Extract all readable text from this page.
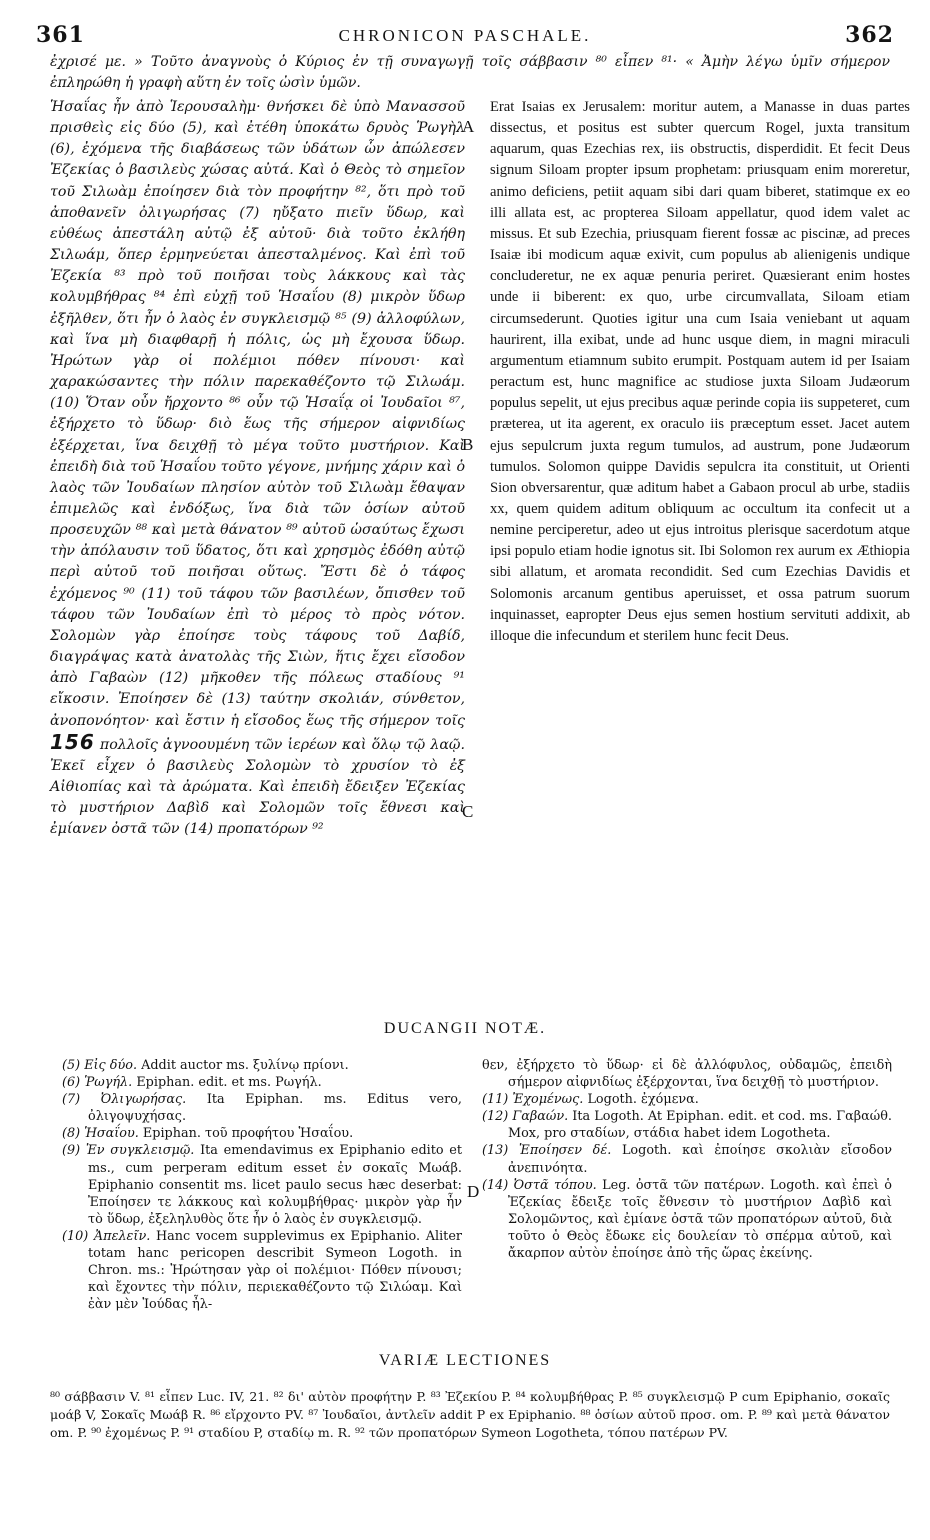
361	CHRONICON PASCHALE.	362
ἐχρισέ με. » Τοῦτο ἀναγνοὺς ὁ Κύριος ἐν τῇ συναγωγῇ τοῖς σάββασιν ⁸⁰ εἶπεν ⁸¹· « Ἀμὴν λέγω ὑμῖν σήμερον ἐπληρώθη ἡ γραφὴ αὕτη ἐν τοῖς ὠσὶν ὑμῶν.
Ἡσαΐας ἦν ἀπὸ Ἱερουσαλὴμ· θνήσκει δὲ ὑπὸ Μανασσοῦ πρισθεὶς εἰς δύο (5), καὶ ἐτέθη ὑποκάτω δρυὸς Ῥωγὴλ (6), ἐχόμενα τῆς διαβάσεως τῶν ὑδάτων ὧν ἀπώλεσεν Ἐζεκίας ὁ βασιλεὺς χώσας αὐτά. Καὶ ὁ Θεὸς τὸ σημεῖον τοῦ Σιλωὰμ ἐποίησεν διὰ τὸν προφήτην ⁸², ὅτι πρὸ τοῦ ἀποθανεῖν ὀλιγωρήσας (7) ηὔξατο πιεῖν ὕδωρ, καὶ εὐθέως ἀπεστάλη αὐτῷ ἐξ αὐτοῦ· διὰ τοῦτο ἐκλήθη Σιλωάμ, ὅπερ ἑρμηνεύεται ἀπεσταλμένος. Καὶ ἐπὶ τοῦ Ἐζεκία ⁸³ πρὸ τοῦ ποιῆσαι τοὺς λάκκους καὶ τὰς κολυμβήθρας ⁸⁴ ἐπὶ εὐχῇ τοῦ Ἡσαΐου (8) μικρὸν ὕδωρ ἐξῆλθεν, ὅτι ἦν ὁ λαὸς ἐν συγκλεισμῷ ⁸⁵ (9) ἀλλοφύλων, καὶ ἵνα μὴ διαφθαρῇ ἡ πόλις, ὡς μὴ ἔχουσα ὕδωρ. Ἠρώτων γὰρ οἱ πολέμιοι πόθεν πίνουσι· καὶ χαρακώσαντες τὴν πόλιν παρεκαθέζοντο τῷ Σιλωάμ. (10) Ὅταν οὖν ἤρχοντο ⁸⁶ οὖν τῷ Ἡσαΐᾳ οἱ Ἰουδαῖοι ⁸⁷, ἐξήρχετο τὸ ὕδωρ· διὸ ἕως τῆς σήμερον αἰφνιδίως ἐξέρχεται, ἵνα δειχθῇ τὸ μέγα τοῦτο μυστήριον. Καὶ ἐπειδὴ διὰ τοῦ Ἡσαΐου τοῦτο γέγονε, μνήμης χάριν καὶ ὁ λαὸς τῶν Ἰουδαίων πλησίον αὐτὸν τοῦ Σιλωὰμ ἔθαψαν ἐπιμελῶς καὶ ἐνδόξως, ἵνα διὰ τῶν ὁσίων αὐτοῦ προσευχῶν ⁸⁸ καὶ μετὰ θάνατον ⁸⁹ αὐτοῦ ὡσαύτως ἔχωσι τὴν ἀπόλαυσιν τοῦ ὕδατος, ὅτι καὶ χρησμὸς ἐδόθη αὐτῷ περὶ αὐτοῦ τοῦ ποιῆσαι οὕτως. Ἔστι δὲ ὁ τάφος ἐχόμενος ⁹⁰ (11) τοῦ τάφου τῶν βασιλέων, ὄπισθεν τοῦ τάφου τῶν Ἰουδαίων ἐπὶ τὸ μέρος τὸ πρὸς νότον. Σολομὼν γὰρ ἐποίησε τοὺς τάφους τοῦ Δαβίδ, διαγράψας κατὰ ἀνατολὰς τῆς Σιὼν, ἥτις ἔχει εἴσοδον ἀπὸ Γαβαὼν (12) μῆκοθεν τῆς πόλεως σταδίους ⁹¹ εἴκοσιν. Ἐποίησεν δὲ (13) ταύτην σκολιάν, σύνθετον, ἀνοπονόητον· καὶ ἔστιν ἡ εἴσοδος ἕως τῆς σήμερον τοῖς 156 πολλοῖς ἀγνοουμένη τῶν ἱερέων καὶ ὅλῳ τῷ λαῷ. Ἐκεῖ εἶχεν ὁ βασιλεὺς Σολομὼν τὸ χρυσίον τὸ ἐξ Αἰθιοπίας καὶ τὰ ἀρώματα. Καὶ ἐπειδὴ ἔδειξεν Ἐζεκίας τὸ μυστήριον Δαβὶδ καὶ Σολομῶν τοῖς ἔθνεσι καὶ ἐμίανεν ὀστᾶ τῶν (14) προπατόρων ⁹²
Erat Isaias ex Jerusalem: moritur autem, a Manasse in duas partes dissectus, et positus est subter quercum Rogel, juxta transitum aquarum, quas Ezechias rex, iis obstructis, disperdidit. Et fecit Deus signum Siloam propter ipsum prophetam: priusquam enim moreretur, animo deficiens, petiit aquam sibi dari quam biberet, statimque ex eo illi allata est, ac propterea Siloam appellatur, quod idem valet ac missus. Et sub Ezechia, priusquam fierent fossæ ac piscinæ, ad preces Isaiæ ibi modicum aquæ exivit, cum populus ab alienigenis undique concluderetur, ne ex aquæ penuria periret. Quæsierant enim hostes unde ii biberent: ex quo, urbe circumvallata, Siloam etiam circumsederunt. Quoties igitur una cum Isaia veniebant ut aquam haurirent, illa exibat, unde ad hunc usque diem, in magni miraculi argumentum etiamnum subito erumpit. Postquam autem id per Isaiam peractum est, hunc magnifice ac studiose juxta Siloam Judæorum populus sepelit, ut ejus precibus aquæ perinde copia iis suppeteret, cum præterea, ut ita agerent, ex oraculo iis præceptum esset. Jacet autem ejus sepulcrum juxta regum tumulos, ad austrum, pone Judæorum tumulos. Solomon quippe Davidis sepulcra ita constituit, ut Orienti Sion obversarentur, quæ aditum habet a Gabaon procul ab urbe, stadiis xx, quem quidem aditum obliquum ac occultum ita confecit ut a nemine perciperetur, adeo ut ejus introitus plerisque sacerdotum atque ipsi populo etiam hodie ignotus sit. Ibi Solomon rex aurum ex Æthiopia sibi allatum, et aromata recondidit. Sed cum Ezechias Davidis et Solomonis arcanum gentibus aperuisset, et ossa patrum suorum inquinasset, eapropter Deus ejus semen hostium servituti addixit, ab illoque die infecundum et sterilem hunc fecit Deus.
A
B
C
DUCANGII NOTÆ.

(5) Εἰς δύο. Addit auctor ms. ξυλίνῳ πρίονι.

(6) Ῥωγήλ. Epiphan. edit. et ms. Ρωγήλ.

(7) Ὀλιγωρήσας. Ita Epiphan. ms. Editus vero, ὀλιγοψυχήσας.

(8) Ἡσαΐου. Epiphan. τοῦ προφήτου Ἡσαΐου.

(9) Ἐν συγκλεισμῷ. Ita emendavimus ex Epiphanio edito et ms., cum perperam editum esset ἐν σοκαῖς Μωάβ. Epiphanio consentit ms. licet paulo secus hæc deserbat: Ἐποίησεν τε λάκκους καὶ κολυμβήθρας· μικρὸν γὰρ ἦν τὸ ὕδωρ, ἐξεληλυθὸς ὅτε ἦν ὁ λαὸς ἐν συγκλεισμῷ.

(10) Ἀπελεῖν. Hanc vocem supplevimus ex Epiphanio. Aliter totam hanc pericopen describit Symeon Logoth. in Chron. ms.: Ἠρώτησαν γὰρ οἱ πολέμιοι· Πόθεν πίνουσι; καὶ ἔχοντες τὴν πόλιν, περιεκαθέζοντο τῷ Σιλώαμ. Καὶ ἐὰν μὲν Ἰούδας ἦλ-

D

θεν, ἐξήρχετο τὸ ὕδωρ· εἰ δὲ ἀλλόφυλος, οὐδαμῶς, ἐπειδὴ σήμερον αἰφνιδίως ἐξέρχονται, ἵνα δειχθῇ τὸ μυστήριον.

(11) Ἐχομένως. Logoth. ἐχόμενα.

(12) Γαβαών. Ita Logoth. At Epiphan. edit. et cod. ms. Γαβαώθ. Mox, pro σταδίων, στάδια habet idem Logotheta.

(13) Ἐποίησεν δέ. Logoth. καὶ ἐποίησε σκολιὰν εἴσοδον ἀνεπινόητα.

(14) Ὀστᾶ τόπου. Leg. ὀστᾶ τῶν πατέρων. Logoth. καὶ ἐπεὶ ὁ Ἐζεκίας ἔδειξε τοῖς ἔθνεσιν τὸ μυστήριον Δαβὶδ καὶ Σολομῶντος, καὶ ἐμίανε ὀστᾶ τῶν προπατόρων αὐτοῦ, διὰ τοῦτο ὁ Θεὸς ἔδωκε εἰς δουλείαν τὸ σπέρμα αὐτοῦ, καὶ ἄκαρπον αὐτὸν ἐποίησε ἀπὸ τῆς ὥρας ἐκείνης.

VARIÆ LECTIONES
⁸⁰ σάββασιν V. ⁸¹ εἶπεν Luc. IV, 21. ⁸² δι' αὐτὸν προφήτην P. ⁸³ Ἐζεκίου P. ⁸⁴ κολυμβήθρας P. ⁸⁵ συγκλεισμῷ P cum Epiphanio, σοκαῖς μοάβ V, Σοκαῖς Μωάβ R. ⁸⁶ εἴρχοντο PV. ⁸⁷ Ἰουδαῖοι, ἀντλεῖν addit P ex Epiphanio. ⁸⁸ ὁσίων αὐτοῦ προσ. om. P. ⁸⁹ καὶ μετὰ θάνατον om. P. ⁹⁰ ἐχομένως P. ⁹¹ σταδίου P, σταδίῳ m. R. ⁹² τῶν προπατόρων Symeon Logotheta, τόπου πατέρων PV.
